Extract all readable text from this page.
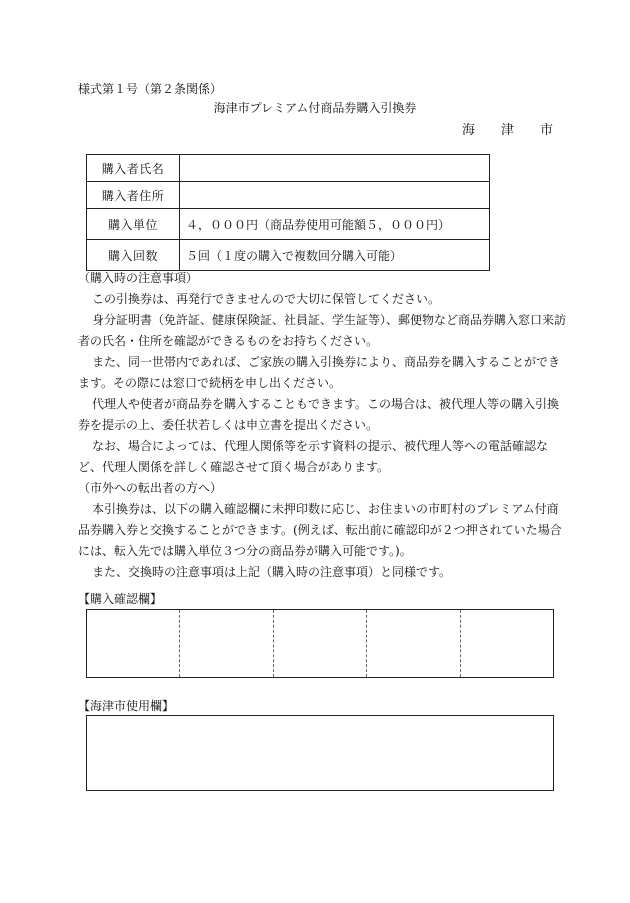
様式第１号（第２条関係）
海津市プレミアム付商品券購入引換券
海津市
購入者氏名	
購入者住所	
購入単位	４，０００円（商品券使用可能額５，０００円）
購入回数	５回（１度の購入で複数回分購入可能）

（購入時の注意事項）

この引換券は、再発行できませんので大切に保管してください。

身分証明書（免許証、健康保険証、社員証、学生証等）、郵便物など商品券購入窓口来訪者の氏名・住所を確認ができるものをお持ちください。

また、同一世帯内であれば、ご家族の購入引換券により、商品券を購入することができます。その際には窓口で続柄を申し出ください。

代理人や使者が商品券を購入することもできます。この場合は、被代理人等の購入引換券を提示の上、委任状若しくは申立書を提出ください。

なお、場合によっては、代理人関係等を示す資料の提示、被代理人等への電話確認など、代理人関係を詳しく確認させて頂く場合があります。

（市外への転出者の方へ）

本引換券は、以下の購入確認欄に未押印数に応じ、お住まいの市町村のプレミアム付商品券購入券と交換することができます。(例えば、転出前に確認印が２つ押されていた場合には、転入先では購入単位３つ分の商品券が購入可能です。)。

また、交換時の注意事項は上記（購入時の注意事項）と同様です。

【購入確認欄】
【海津市使用欄】
